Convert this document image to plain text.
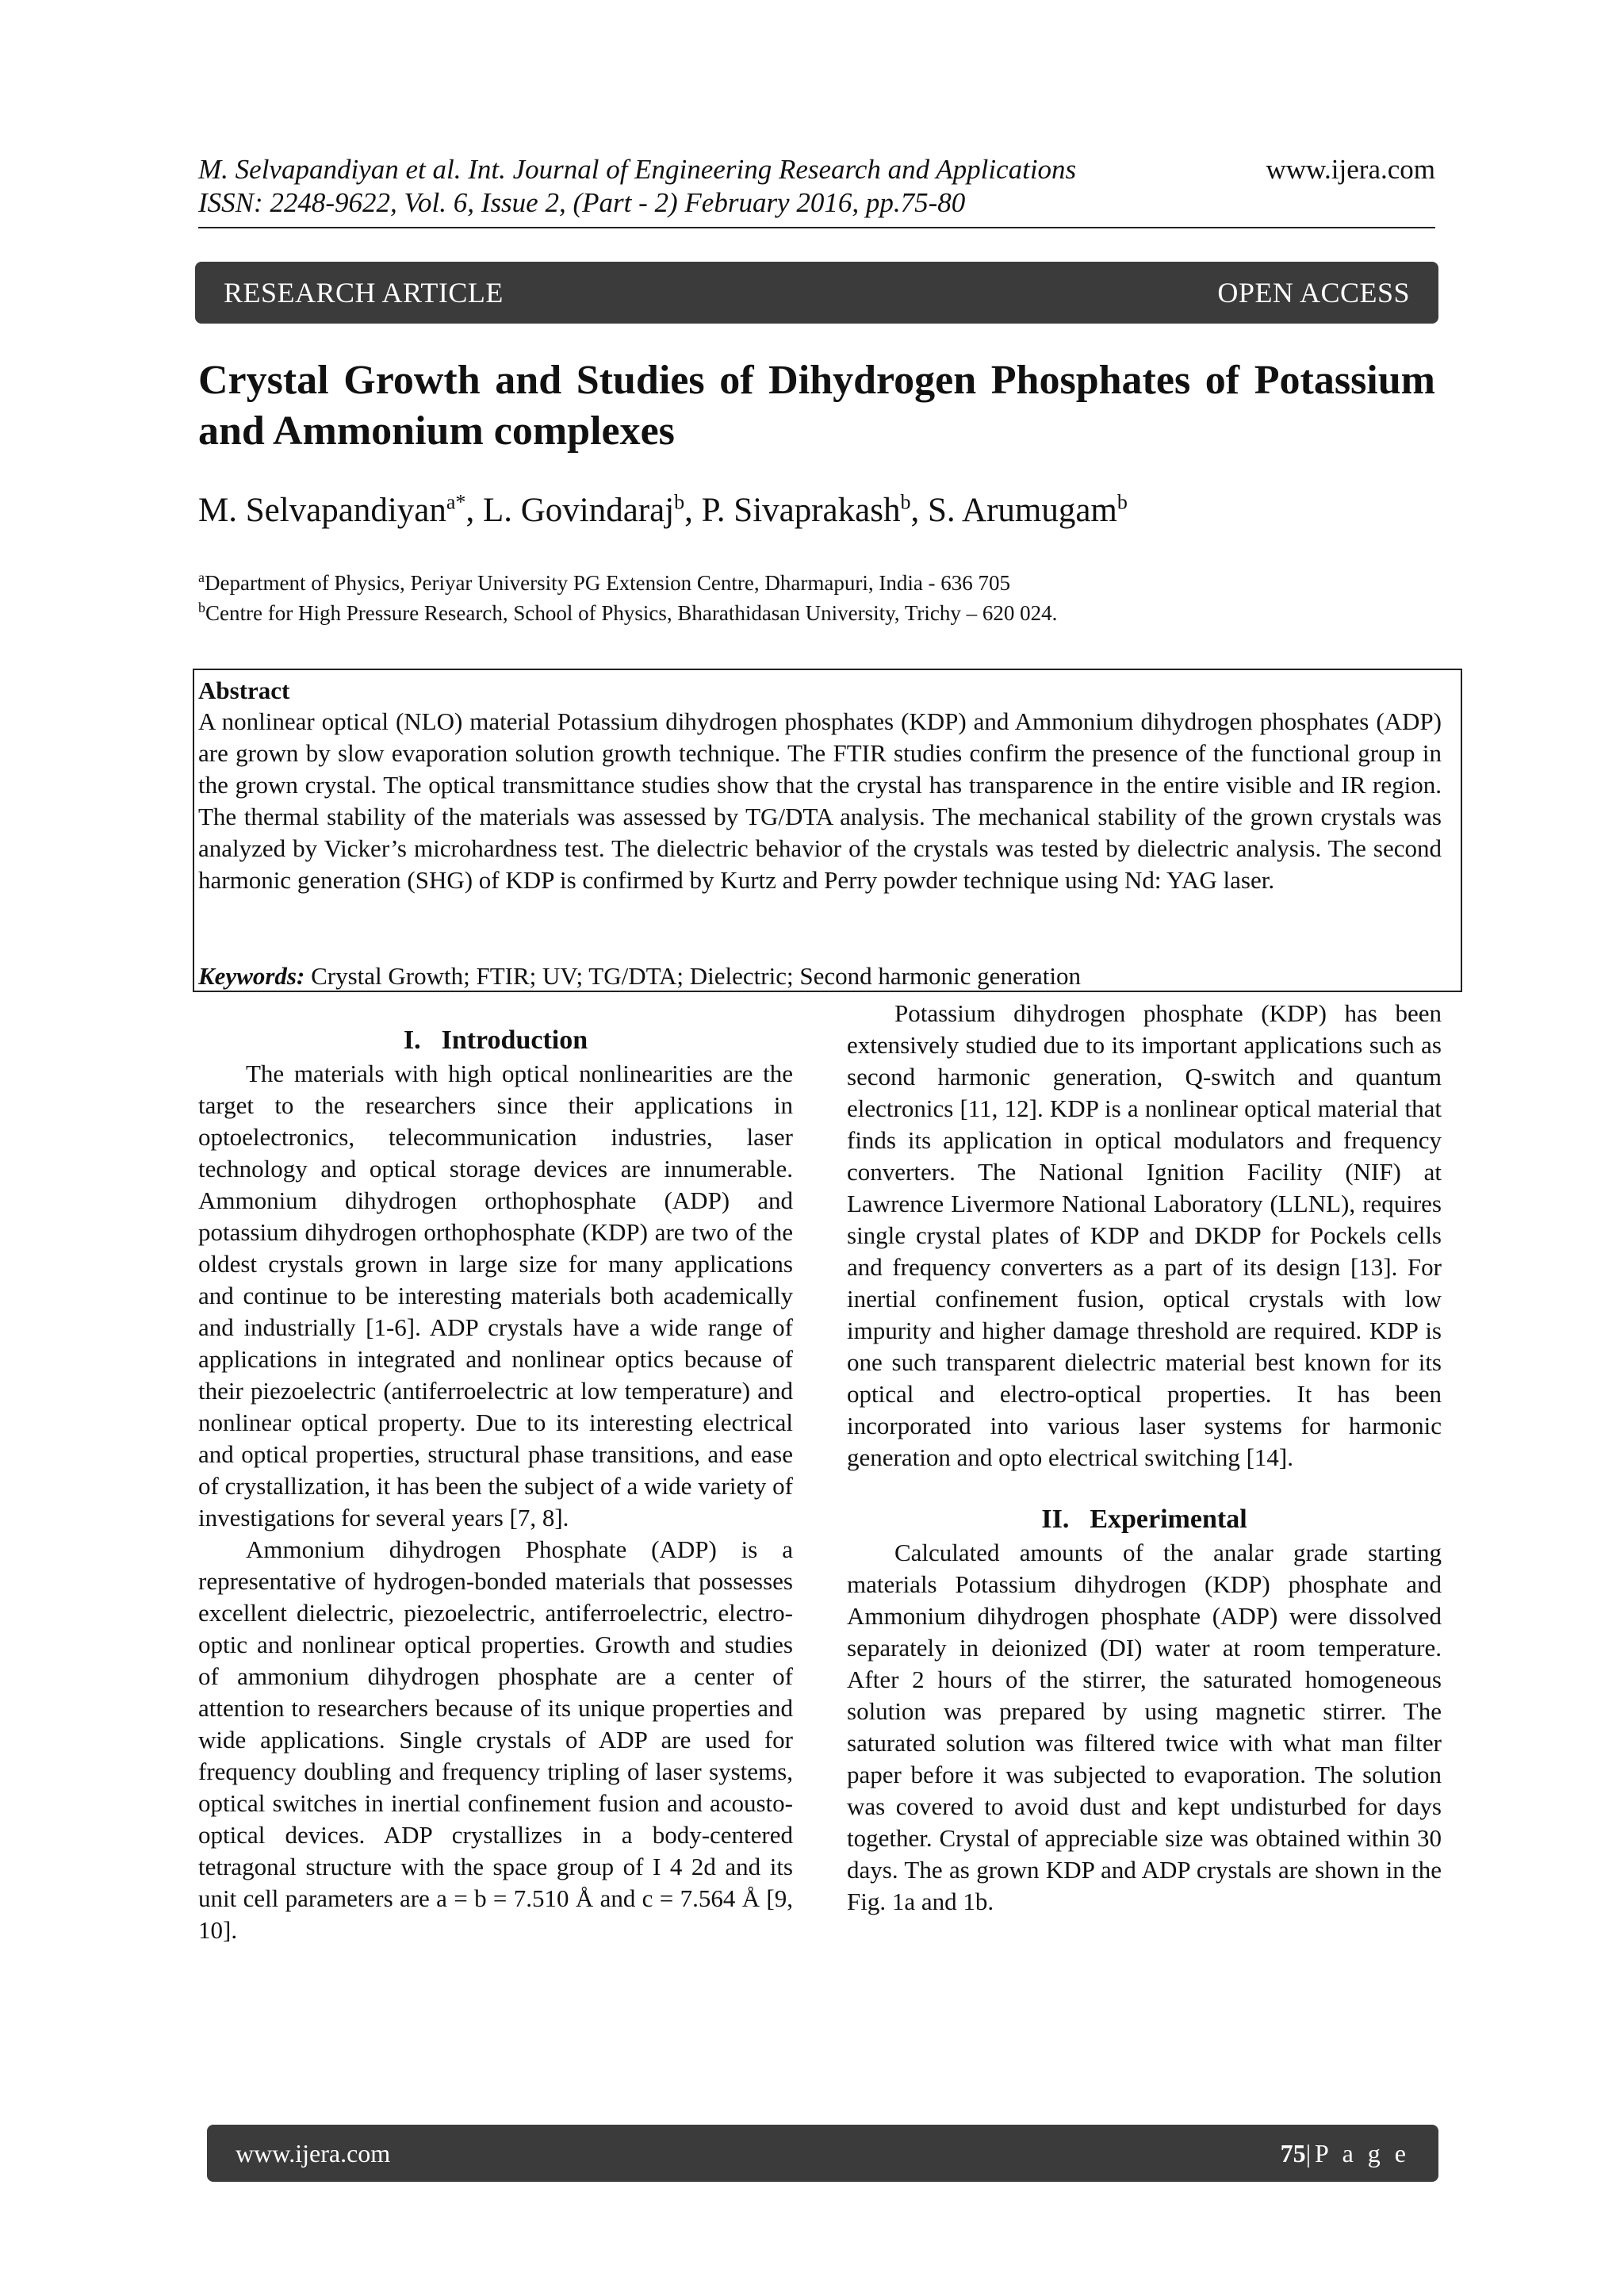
M. Selvapandiyan et al. Int. Journal of Engineering Research and Applications
ISSN: 2248-9622, Vol. 6, Issue 2, (Part - 2) February 2016, pp.75-80
www.ijera.com
RESEARCH ARTICLE	OPEN ACCESS
Crystal Growth and Studies of Dihydrogen Phosphates of Potassium and Ammonium complexes
M. Selvapandiyan$^{a*}$, L. Govindaraj$^b$, P. Sivaprakash$^b$, S. Arumugam$^b$
$^a$Department of Physics, Periyar University PG Extension Centre, Dharmapuri, India - 636 705
$^b$Centre for High Pressure Research, School of Physics, Bharathidasan University, Trichy – 620 024.
Abstract

A nonlinear optical (NLO) material Potassium dihydrogen phosphates (KDP) and Ammonium dihydrogen phosphates (ADP) are grown by slow evaporation solution growth technique. The FTIR studies confirm the presence of the functional group in the grown crystal. The optical transmittance studies show that the crystal has transparence in the entire visible and IR region. The thermal stability of the materials was assessed by TG/DTA analysis. The mechanical stability of the grown crystals was analyzed by Vicker’s microhardness test. The dielectric behavior of the crystals was tested by dielectric analysis. The second harmonic generation (SHG) of KDP is confirmed by Kurtz and Perry powder technique using Nd: YAG laser.

Keywords: Crystal Growth; FTIR; UV; TG/DTA; Dielectric; Second harmonic generation
I. Introduction

The materials with high optical nonlinearities are the target to the researchers since their applications in optoelectronics, telecommunication industries, laser technology and optical storage devices are innumerable. Ammonium dihydrogen orthophosphate (ADP) and potassium dihydrogen orthophosphate (KDP) are two of the oldest crystals grown in large size for many applications and continue to be interesting materials both academically and industrially [1-6]. ADP crystals have a wide range of applications in integrated and nonlinear optics because of their piezoelectric (antiferroelectric at low temperature) and nonlinear optical property. Due to its interesting electrical and optical properties, structural phase transitions, and ease of crystallization, it has been the subject of a wide variety of investigations for several years [7, 8].

Ammonium dihydrogen Phosphate (ADP) is a representative of hydrogen-bonded materials that possesses excellent dielectric, piezoelectric, antiferroelectric, electro-optic and nonlinear optical properties. Growth and studies of ammonium dihydrogen phosphate are a center of attention to researchers because of its unique properties and wide applications. Single crystals of ADP are used for frequency doubling and frequency tripling of laser systems, optical switches in inertial confinement fusion and acousto-optical devices. ADP crystallizes in a body-centered tetragonal structure with the space group of I 4 2d and its unit cell parameters are a = b = 7.510 Å and c = 7.564 Å [9, 10].

Potassium dihydrogen phosphate (KDP) has been extensively studied due to its important applications such as second harmonic generation, Q-switch and quantum electronics [11, 12]. KDP is a nonlinear optical material that finds its application in optical modulators and frequency converters. The National Ignition Facility (NIF) at Lawrence Livermore National Laboratory (LLNL), requires single crystal plates of KDP and DKDP for Pockels cells and frequency converters as a part of its design [13]. For inertial confinement fusion, optical crystals with low impurity and higher damage threshold are required. KDP is one such transparent dielectric material best known for its optical and electro-optical properties. It has been incorporated into various laser systems for harmonic generation and opto electrical switching [14].

II. Experimental

Calculated amounts of the analar grade starting materials Potassium dihydrogen (KDP) phosphate and Ammonium dihydrogen phosphate (ADP) were dissolved separately in deionized (DI) water at room temperature. After 2 hours of the stirrer, the saturated homogeneous solution was prepared by using magnetic stirrer. The saturated solution was filtered twice with what man filter paper before it was subjected to evaporation. The solution was covered to avoid dust and kept undisturbed for days together. Crystal of appreciable size was obtained within 30 days. The as grown KDP and ADP crystals are shown in the Fig. 1a and 1b.

www.ijera.com	75|P a g e
